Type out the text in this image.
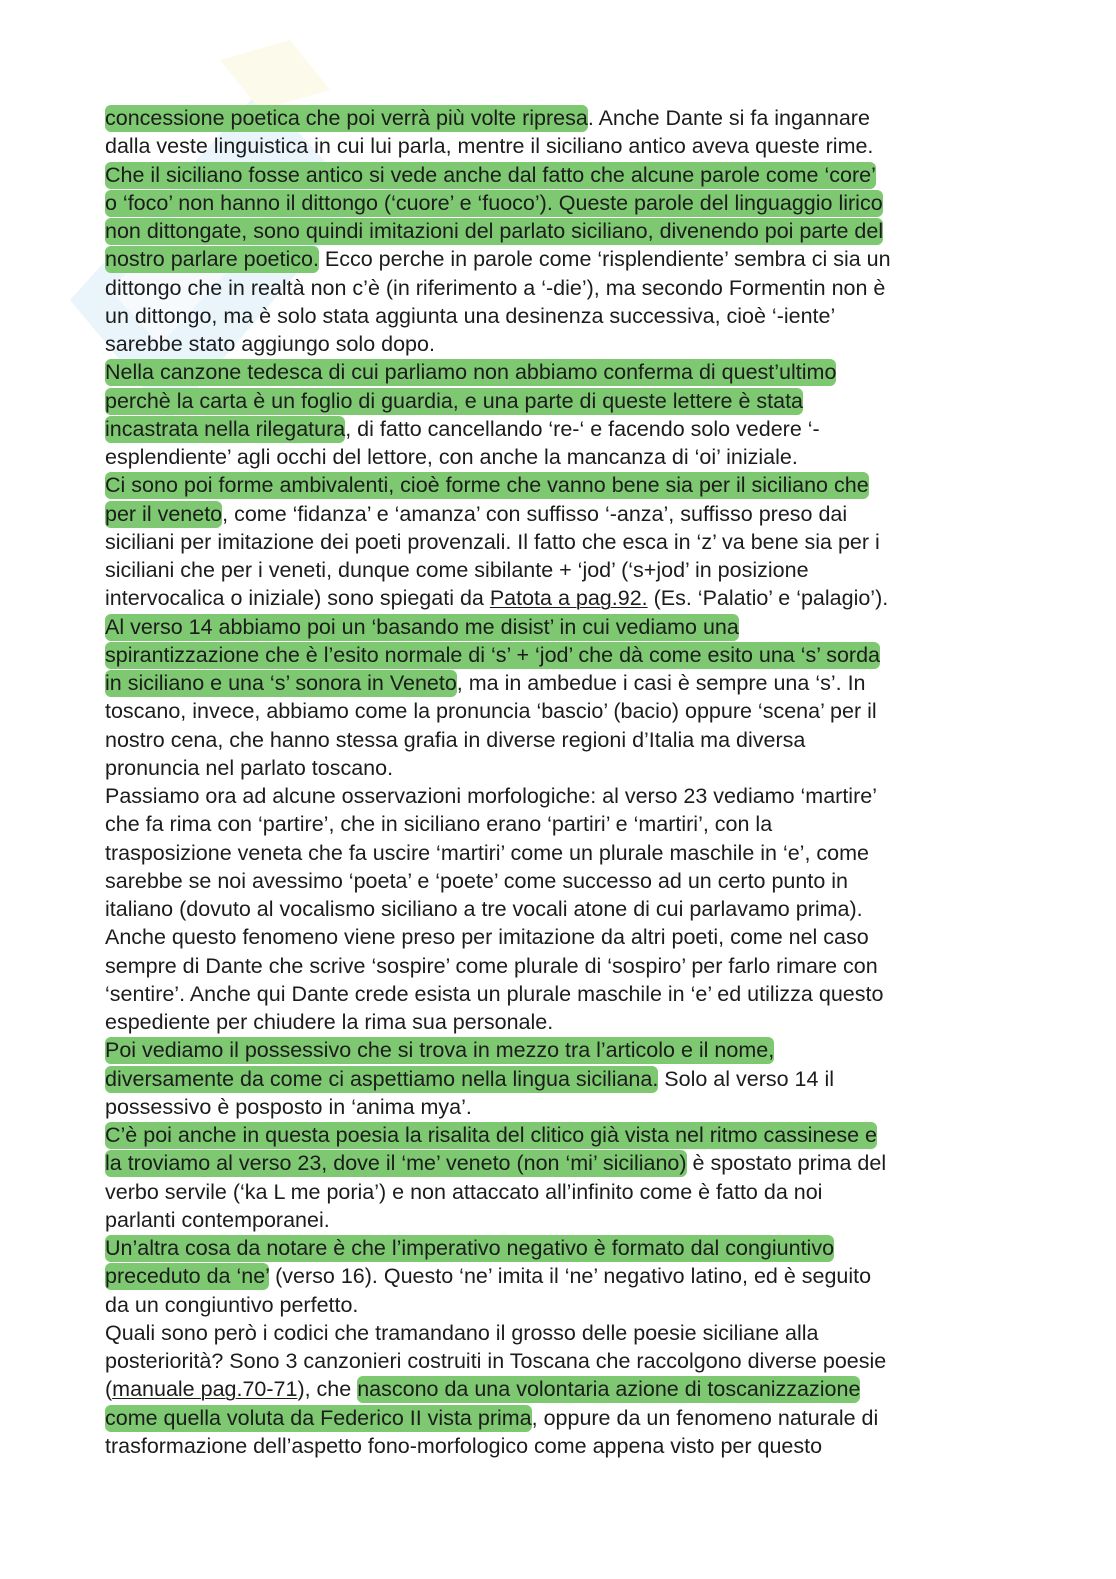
concessione poetica che poi verrà più volte ripresa. Anche Dante si fa ingannare
dalla veste linguistica in cui lui parla, mentre il siciliano antico aveva queste rime.
Che il siciliano fosse antico si vede anche dal fatto che alcune parole come ‘core’
o ‘foco’ non hanno il dittongo (‘cuore’ e ‘fuoco’). Queste parole del linguaggio lirico
non dittongate, sono quindi imitazioni del parlato siciliano, divenendo poi parte del
nostro parlare poetico. Ecco perche in parole come ‘risplendiente’ sembra ci sia un
dittongo che in realtà non c’è (in riferimento a ‘-die’), ma secondo Formentin non è
un dittongo, ma è solo stata aggiunta una desinenza successiva, cioè ‘-iente’
sarebbe stato aggiungo solo dopo.
Nella canzone tedesca di cui parliamo non abbiamo conferma di quest’ultimo
perchè la carta è un foglio di guardia, e una parte di queste lettere è stata
incastrata nella rilegatura, di fatto cancellando ‘re-‘ e facendo solo vedere ‘-
esplendiente’ agli occhi del lettore, con anche la mancanza di ‘oi’ iniziale.
Ci sono poi forme ambivalenti, cioè forme che vanno bene sia per il siciliano che
per il veneto, come ‘fidanza’ e ‘amanza’ con suffisso ‘-anza’, suffisso preso dai
siciliani per imitazione dei poeti provenzali. Il fatto che esca in ‘z’ va bene sia per i
siciliani che per i veneti, dunque come sibilante + ‘jod’ (‘s+jod’ in posizione
intervocalica o iniziale) sono spiegati da Patota a pag.92. (Es. ‘Palatio’ e ‘palagio’).
Al verso 14 abbiamo poi un ‘basando me disist’ in cui vediamo una
spirantizzazione che è l’esito normale di ‘s’ + ‘jod’ che dà come esito una ‘s’ sorda
in siciliano e una ‘s’ sonora in Veneto, ma in ambedue i casi è sempre una ‘s’. In
toscano, invece, abbiamo come la pronuncia ‘bascio’ (bacio) oppure ‘scena’ per il
nostro cena, che hanno stessa grafia in diverse regioni d’Italia ma diversa
pronuncia nel parlato toscano.
Passiamo ora ad alcune osservazioni morfologiche: al verso 23 vediamo ‘martire’
che fa rima con ‘partire’, che in siciliano erano ‘partiri’ e ‘martiri’, con la
trasposizione veneta che fa uscire ‘martiri’ come un plurale maschile in ‘e’, come
sarebbe se noi avessimo ‘poeta’ e ‘poete’ come successo ad un certo punto in
italiano (dovuto al vocalismo siciliano a tre vocali atone di cui parlavamo prima).
Anche questo fenomeno viene preso per imitazione da altri poeti, come nel caso
sempre di Dante che scrive ‘sospire’ come plurale di ‘sospiro’ per farlo rimare con
‘sentire’. Anche qui Dante crede esista un plurale maschile in ‘e’ ed utilizza questo
espediente per chiudere la rima sua personale.
Poi vediamo il possessivo che si trova in mezzo tra l’articolo e il nome,
diversamente da come ci aspettiamo nella lingua siciliana. Solo al verso 14 il
possessivo è posposto in ‘anima mya’.
C’è poi anche in questa poesia la risalita del clitico già vista nel ritmo cassinese e
la troviamo al verso 23, dove il ‘me’ veneto (non ‘mi’ siciliano) è spostato prima del
verbo servile (‘ka L me poria’) e non attaccato all’infinito come è fatto da noi
parlanti contemporanei.
Un’altra cosa da notare è che l’imperativo negativo è formato dal congiuntivo
preceduto da ‘ne’ (verso 16). Questo ‘ne’ imita il ‘ne’ negativo latino, ed è seguito
da un congiuntivo perfetto.
Quali sono però i codici che tramandano il grosso delle poesie siciliane alla
posteriorità? Sono 3 canzonieri costruiti in Toscana che raccolgono diverse poesie
(manuale pag.70-71), che nascono da una volontaria azione di toscanizzazione
come quella voluta da Federico II vista prima, oppure da un fenomeno naturale di
trasformazione dell’aspetto fono-morfologico come appena visto per questo
